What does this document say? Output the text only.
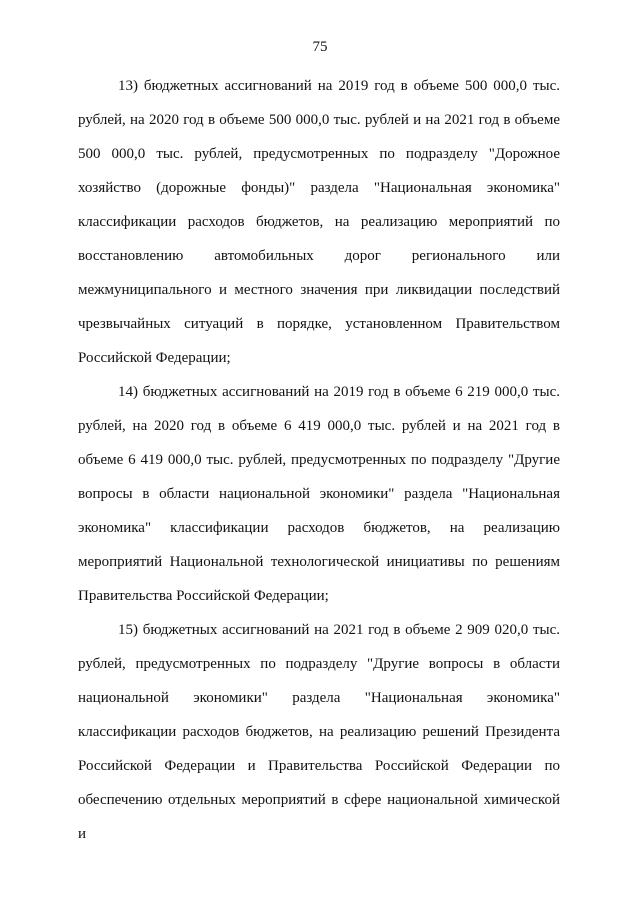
75

13) бюджетных ассигнований на 2019 год в объеме 500 000,0 тыс. рублей, на 2020 год в объеме 500 000,0 тыс. рублей и на 2021 год в объеме 500 000,0 тыс. рублей, предусмотренных по подразделу "Дорожное хозяйство (дорожные фонды)" раздела "Национальная экономика" классификации расходов бюджетов, на реализацию мероприятий по восстановлению автомобильных дорог регионального или межмуниципального и местного значения при ликвидации последствий чрезвычайных ситуаций в порядке, установленном Правительством Российской Федерации;

14) бюджетных ассигнований на 2019 год в объеме 6 219 000,0 тыс. рублей, на 2020 год в объеме 6 419 000,0 тыс. рублей и на 2021 год в объеме 6 419 000,0 тыс. рублей, предусмотренных по подразделу "Другие вопросы в области национальной экономики" раздела "Национальная экономика" классификации расходов бюджетов, на реализацию мероприятий Национальной технологической инициативы по решениям Правительства Российской Федерации;

15) бюджетных ассигнований на 2021 год в объеме 2 909 020,0 тыс. рублей, предусмотренных по подразделу "Другие вопросы в области национальной экономики" раздела "Национальная экономика" классификации расходов бюджетов, на реализацию решений Президента Российской Федерации и Правительства Российской Федерации по обеспечению отдельных мероприятий в сфере национальной химической и
